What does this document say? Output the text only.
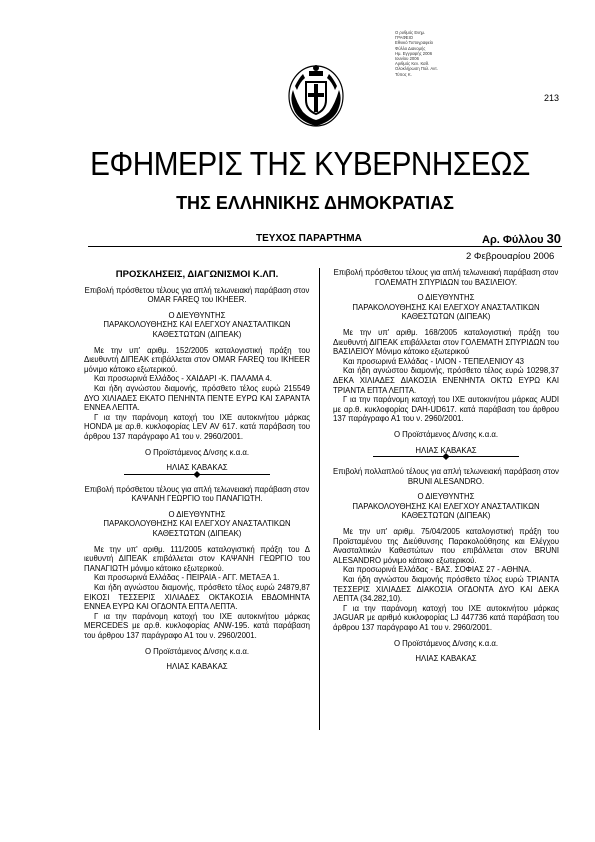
Ο ρυθμός Ενημ.
ΓΡΑΦΕΙΟ
Εθνικό Τυπογραφείο
Φύλλο Διανομής
Ημ. Εγγραφής 2006
Ιουνίου 2006
Αριθμός Κεν. Καθ.
Ολοκλήρωση Πολ. Αντ.
Τύπος Κ.
213
ΕΦΗΜΕΡΙΣ ΤΗΣ ΚΥΒΕΡΝΗΣΕΩΣ
ΤΗΣ ΕΛΛΗΝΙΚΗΣ ΔΗΜΟΚΡΑΤΙΑΣ
ΤΕΥΧΟΣ ΠΑΡΑΡΤΗΜΑ	Αρ. Φύλλου 30
2 Φεβρουαρίου 2006

ΠΡΟΣΚΛΗΣΕΙΣ, ΔΙΑΓΩΝΙΣΜΟΙ Κ.ΛΠ.

Επιβολή πρόσθετου τέλους για απλή τελωνειακή παράβαση στον OMAR FAREQ του IKHEER.

Ο ΔΙΕΥΘΥΝΤΗΣ

ΠΑΡΑΚΟΛΟΥΘΗΣΗΣ ΚΑΙ ΕΛΕΓΧΟΥ ΑΝΑΣΤΑΛΤΙΚΩΝ ΚΑΘΕΣΤΩΤΩΝ (ΔΙΠΕΑΚ)

Με την υπ' αριθμ. 152/2005 καταλογιστική πράξη του Διευθυντή ΔΙΠΕΑΚ επιβάλλεται στον OMAR FAREQ του IKHEER μόνιμο κάτοικο εξωτερικού.

Και προσωρινά Ελλάδος - ΧΑΙΔΑΡΙ -Κ. ΠΑΛΑΜΑ 4.

Και ήδη αγνώστου διαμονής, πρόσθετο τέλος ευρώ 215549 ΔΥΟ ΧΙΛΙΑΔΕΣ ΕΚΑΤΟ ΠΕΝΗΝΤΑ ΠΕΝΤΕ ΕΥΡΩ ΚΑΙ ΣΑΡΑΝΤΑ ΕΝΝΕΑ ΛΕΠΤΑ.

Γ ια την παράνομη κατοχή του ΙΧΕ αυτοκινήτου μάρκας HONDA με αρ.θ. κυκλοφορίας LEV AV 617. κατά παράβαση του άρθρου 137 παράγραφο Α1 του ν. 2960/2001.

Ο Προϊστάμενος Δ/νσης κ.α.α.

ΗΛΙΑΣ ΚΑΒΑΚΑΣ

Επιβολή πρόσθετου τέλους για απλή τελωνειακή παράβαση στον ΚΑΨΑΝΗ ΓΕΩΡΓΙΟ του ΠΑΝΑΓΙΩΤΗ.

Ο ΔΙΕΥΘΥΝΤΗΣ

ΠΑΡΑΚΟΛΟΥΘΗΣΗΣ ΚΑΙ ΕΛΕΓΧΟΥ ΑΝΑΣΤΑΛΤΙΚΩΝ ΚΑΘΕΣΤΩΤΩΝ (ΔΙΠΕΑΚ)

Με την υπ' αριθμ. 111/2005 καταλογιστική πράξη του Δ ιευθυντή ΔΙΠΕΑΚ επιβάλλεται στον ΚΑΨΑΝΗ ΓΕΩΡΓΙΟ του ΠΑΝΑΓΙΩΤΗ μόνιμο κάτοικο εξωτερικού.

Και προσωρινά Ελλάδας - ΠΕΙΡΑΙΑ - ΑΓΓ. ΜΕΤΑΞΑ 1.

Και ήδη αγνώστου διαμονής, πρόσθετο τέλος ευρώ 24879,87 ΕΙΚΟΣΙ ΤΕΣΣΕΡΙΣ ΧΙΛΙΑΔΕΣ ΟΚΤΑΚΟΣΙΑ ΕΒΔΟΜΗΝΤΑ ΕΝΝΕΑ ΕΥΡΩ ΚΑΙ ΟΓΔΟΝΤΑ ΕΠΤΑ ΛΕΠΤΑ.

Γ ια την παράνομη κατοχή του ΙΧΕ αυτοκινήτου μάρκας MERCEDES με αρ.θ. κυκλοφορίας ANW-195. κατά παράβαση του άρθρου 137 παράγραφο Α1 του ν. 2960/2001.

Ο Προϊστάμενος Δ/νσης κ.α.α.

ΗΛΙΑΣ ΚΑΒΑΚΑΣ

Επιβολή πρόσθετου τέλους για απλή τελωνειακή παράβαση στον ΓΟΛΕΜΑΤΗ ΣΠΥΡΙΔΩΝ του ΒΑΣΙΛΕΙΟΥ.

Ο ΔΙΕΥΘΥΝΤΗΣ

ΠΑΡΑΚΟΛΟΥΘΗΣΗΣ ΚΑΙ ΕΛΕΓΧΟΥ ΑΝΑΣΤΑΛΤΙΚΩΝ ΚΑΘΕΣΤΩΤΩΝ (ΔΙΠΕΑΚ)

Με την υπ' αριθμ. 168/2005 καταλογιστική πράξη του Διευθυντή ΔΙΠΕΑΚ επιβάλλεται στον ΓΟΛΕΜΑΤΗ ΣΠΥΡΙΔΩΝ του ΒΑΣΙΛΕΙΟΥ Μόνιμο κάτοικο εξωτερικού

Και προσωρινά Ελλάδας - ΙΛΙΟΝ - ΤΕΠΕΛΕΝΙΟΥ 43

Και ήδη αγνώστου διαμονής, πρόσθετο τέλος ευρώ 10298,37 ΔΕΚΑ ΧΙΛΙΑΔΕΣ ΔΙΑΚΟΣΙΑ ΕΝΕΝΗΝΤΑ ΟΚΤΩ ΕΥΡΩ ΚΑΙ ΤΡΙΑΝΤΑ ΕΠΤΑ ΛΕΠΤΑ.

Γ ια την παράνομη κατοχή του ΙΧΕ αυτοκινήτου μάρκας AUDI με αρ.θ. κυκλοφορίας DAH-UD617. κατά παράβαση του άρθρου 137 παράγραφο Α1 του ν. 2960/2001.

Ο Προϊστάμενος Δ/νσης κ.α.α.

ΗΛΙΑΣ ΚΑΒΑΚΑΣ

Επιβολή πολλαπλού τέλους για απλή τελωνειακή παράβαση στον BRUNI ALESANDRO.

Ο ΔΙΕΥΘΥΝΤΗΣ

ΠΑΡΑΚΟΛΟΥΘΗΣΗΣ ΚΑΙ ΕΛΕΓΧΟΥ ΑΝΑΣΤΑΛΤΙΚΩΝ ΚΑΘΕΣΤΩΤΩΝ (ΔΙΠΕΑΚ)

Με την υπ' αριθμ. 75/04/2005 καταλογιστική πράξη του Προϊσταμένου της Διεύθυνσης Παρακολούθησης και Ελέγχου Ανασταλτικών Καθεστώτων που επιβάλλεται στον BRUNI ALESANDRO μόνιμο κάτοικο εξωτερικού.

Και προσωρινά Ελλάδας - ΒΑΣ. ΣΟΦΙΑΣ 27 - ΑΘΗΝΑ.

Και ήδη αγνώστου διαμονής πρόσθετο τέλος ευρώ ΤΡΙΑΝΤΑ ΤΕΣΣΕΡΙΣ ΧΙΛΙΑΔΕΣ ΔΙΑΚΟΣΙΑ ΟΓΔΟΝΤΑ ΔΥΟ ΚΑΙ ΔΕΚΑ ΛΕΠΤΑ (34.282,10).

Γ ια την παράνομη κατοχή του ΙΧΕ αυτοκινήτου μάρκας JAGUAR με αριθμό κυκλοφορίας LJ 447736 κατά παράβαση του άρθρου 137 παράγραφο Α1 του ν. 2960/2001.

Ο Προϊστάμενος Δ/νσης κ.α.α.

ΗΛΙΑΣ ΚΑΒΑΚΑΣ
